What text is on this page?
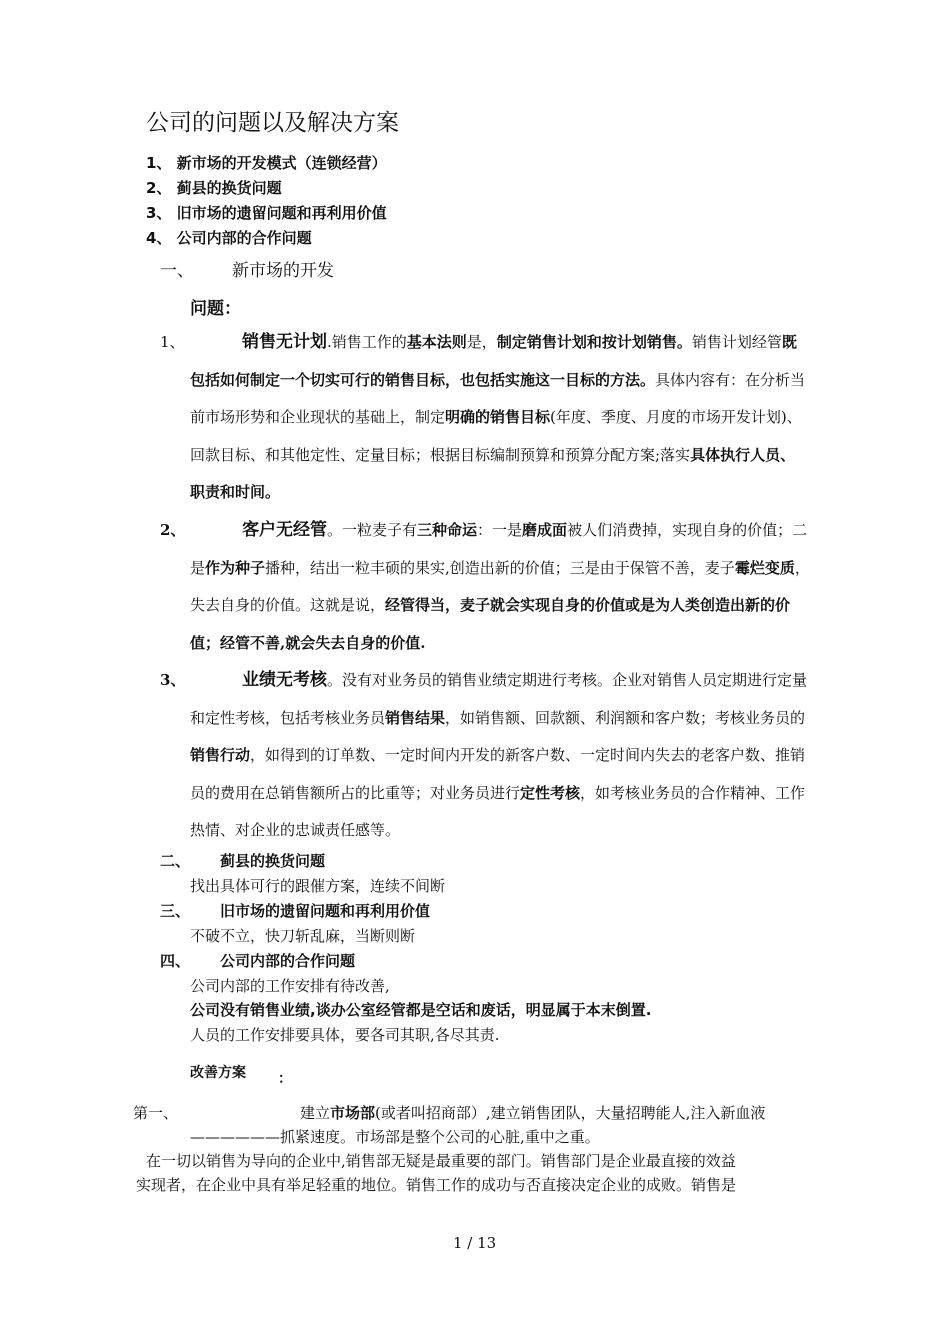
公司的问题以及解决方案
1、 新市场的开发模式（连锁经营）
2、 蓟县的换货问题
3、 旧市场的遗留问题和再利用价值
4、 公司内部的合作问题
一、 新市场的开发
问题：
1、	销售无计划.销售工作的基本法则是，制定销售计划和按计划销售。销售计划经管既包括如何制定一个切实可行的销售目标，也包括实施这一目标的方法。具体内容有：在分析当前市场形势和企业现状的基础上，制定明确的销售目标(年度、季度、月度的市场开发计划)、回款目标、和其他定性、定量目标；根据目标编制预算和预算分配方案;落实具体执行人员、职责和时间。
2、	客户无经管。一粒麦子有三种命运：一是磨成面被人们消费掉，实现自身的价值；二是作为种子播种，结出一粒丰硕的果实,创造出新的价值；三是由于保管不善，麦子霉烂变质，失去自身的价值。这就是说，经管得当，麦子就会实现自身的价值或是为人类创造出新的价值；经管不善,就会失去自身的价值.
3、	业绩无考核。没有对业务员的销售业绩定期进行考核。企业对销售人员定期进行定量和定性考核，包括考核业务员销售结果，如销售额、回款额、利润额和客户数；考核业务员的销售行动，如得到的订单数、一定时间内开发的新客户数、一定时间内失去的老客户数、推销员的费用在总销售额所占的比重等；对业务员进行定性考核，如考核业务员的合作精神、工作热情、对企业的忠诚责任感等。
二、 蓟县的换货问题
找出具体可行的跟催方案，连续不间断
三、 旧市场的遗留问题和再利用价值
不破不立，快刀斩乱麻，当断则断
四、 公司内部的合作问题
公司内部的工作安排有待改善,
公司没有销售业绩,谈办公室经管都是空话和废话，明显属于本末倒置.
人员的工作安排要具体，要各司其职,各尽其责.
改善方案 ：
第一、	建立市场部(或者叫招商部）,建立销售团队，大量招聘能人,注入新血液
——————抓紧速度。市场部是整个公司的心脏,重中之重。
在一切以销售为导向的企业中,销售部无疑是最重要的部门。销售部门是企业最直接的效益
实现者，在企业中具有举足轻重的地位。销售工作的成功与否直接决定企业的成败。销售是
1 / 13
